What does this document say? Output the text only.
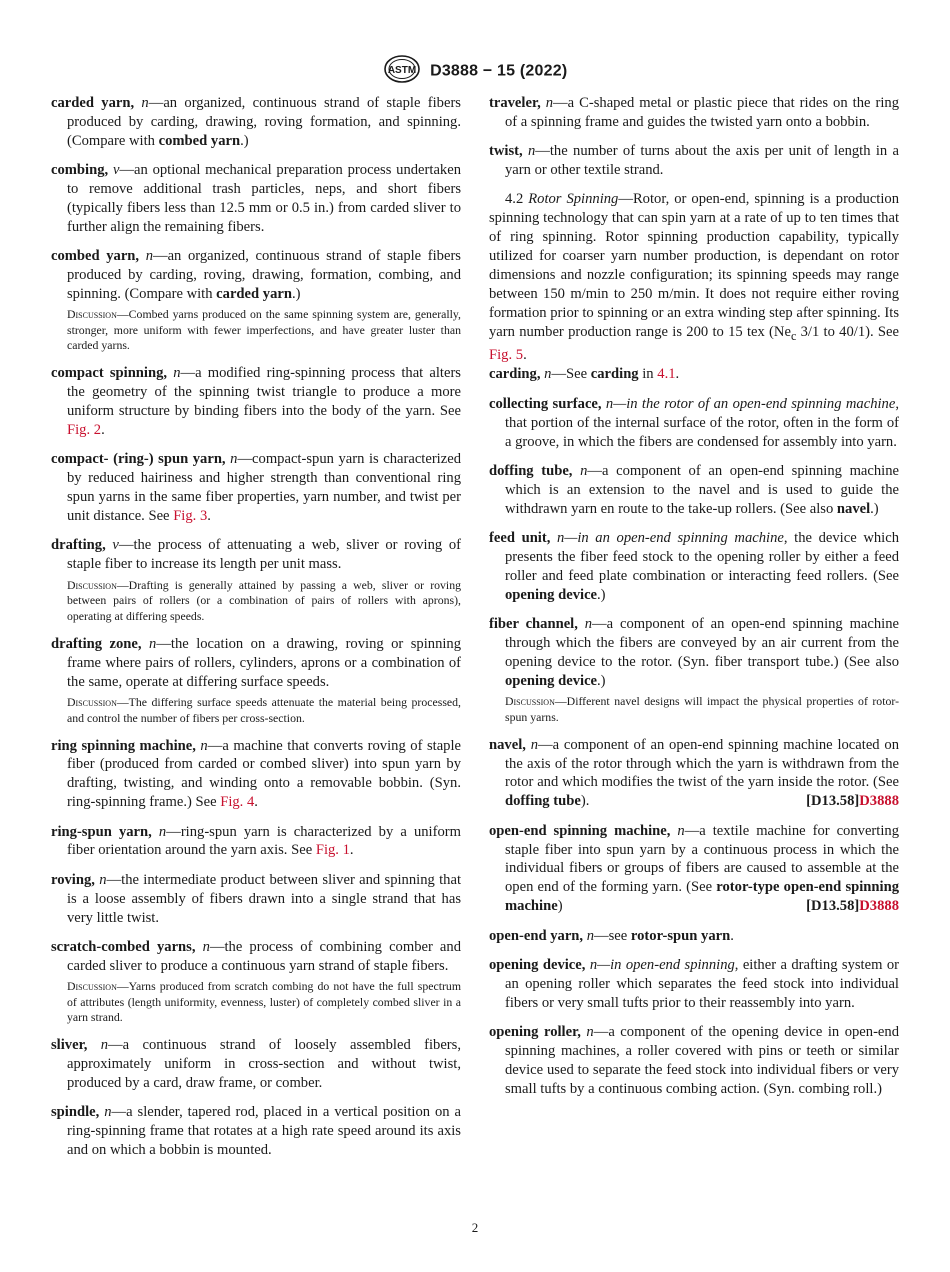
ASTM D3888 − 15 (2022)

carded yarn, n—an organized, continuous strand of staple fibers produced by carding, drawing, roving formation, and spinning. (Compare with combed yarn.)

combing, v—an optional mechanical preparation process undertaken to remove additional trash particles, neps, and short fibers (typically fibers less than 12.5 mm or 0.5 in.) from carded sliver to further align the remaining fibers.

combed yarn, n—an organized, continuous strand of staple fibers produced by carding, roving, drawing, formation, combing, and spinning. (Compare with carded yarn.)

Discussion—Combed yarns produced on the same spinning system are, generally, stronger, more uniform with fewer imperfections, and have greater luster than carded yarns.

compact spinning, n—a modified ring-spinning process that alters the geometry of the spinning twist triangle to produce a more uniform structure by binding fibers into the body of the yarn. See Fig. 2.

compact- (ring-) spun yarn, n—compact-spun yarn is characterized by reduced hairiness and higher strength than conventional ring spun yarns in the same fiber properties, yarn number, and twist per unit distance. See Fig. 3.

drafting, v—the process of attenuating a web, sliver or roving of staple fiber to increase its length per unit mass.

Discussion—Drafting is generally attained by passing a web, sliver or roving between pairs of rollers (or a combination of pairs of rollers with aprons), operating at differing speeds.

drafting zone, n—the location on a drawing, roving or spinning frame where pairs of rollers, cylinders, aprons or a combination of the same, operate at differing surface speeds.

Discussion—The differing surface speeds attenuate the material being processed, and control the number of fibers per cross-section.

ring spinning machine, n—a machine that converts roving of staple fiber (produced from carded or combed sliver) into spun yarn by drafting, twisting, and winding onto a removable bobbin. (Syn. ring-spinning frame.) See Fig. 4.

ring-spun yarn, n—ring-spun yarn is characterized by a uniform fiber orientation around the yarn axis. See Fig. 1.

roving, n—the intermediate product between sliver and spinning that is a loose assembly of fibers drawn into a single strand that has very little twist.

scratch-combed yarns, n—the process of combining comber and carded sliver to produce a continuous yarn strand of staple fibers.

Discussion—Yarns produced from scratch combing do not have the full spectrum of attributes (length uniformity, evenness, luster) of completely combed sliver in a yarn strand.

sliver, n—a continuous strand of loosely assembled fibers, approximately uniform in cross-section and without twist, produced by a card, draw frame, or comber.

spindle, n—a slender, tapered rod, placed in a vertical position on a ring-spinning frame that rotates at a high rate speed around its axis and on which a bobbin is mounted.

traveler, n—a C-shaped metal or plastic piece that rides on the ring of a spinning frame and guides the twisted yarn onto a bobbin.

twist, n—the number of turns about the axis per unit of length in a yarn or other textile strand.

4.2 Rotor Spinning—Rotor, or open-end, spinning is a production spinning technology that can spin yarn at a rate of up to ten times that of ring spinning. Rotor spinning production capability, typically utilized for coarser yarn number production, is dependant on rotor dimensions and nozzle configuration; its spinning speeds may range between 150 m/min to 250 m/min. It does not require either roving formation prior to spinning or an extra winding step after spinning. Its yarn number production range is 200 to 15 tex ($Ne_c$ 3/1 to 40/1). See Fig. 5.

carding, n—See carding in 4.1.

collecting surface, n—in the rotor of an open-end spinning machine, that portion of the internal surface of the rotor, often in the form of a groove, in which the fibers are condensed for assembly into yarn.

doffing tube, n—a component of an open-end spinning machine which is an extension to the navel and is used to guide the withdrawn yarn en route to the take-up rollers. (See also navel.)

feed unit, n—in an open-end spinning machine, the device which presents the fiber feed stock to the opening roller by either a feed roller and feed plate combination or interacting feed rollers. (See opening device.)

fiber channel, n—a component of an open-end spinning machine through which the fibers are conveyed by an air current from the opening device to the rotor. (Syn. fiber transport tube.) (See also opening device.)

Discussion—Different navel designs will impact the physical properties of rotor-spun yarns.

navel, n—a component of an open-end spinning machine located on the axis of the rotor through which the yarn is withdrawn from the rotor and which modifies the twist of the yarn inside the rotor. (See doffing tube).	[D13.58]D3888

open-end spinning machine, n—a textile machine for converting staple fiber into spun yarn by a continuous process in which the individual fibers or groups of fibers are caused to assemble at the open end of the forming yarn. (See rotor-type open-end spinning machine)	[D13.58]D3888

open-end yarn, n—see rotor-spun yarn.

opening device, n—in open-end spinning, either a drafting system or an opening roller which separates the feed stock into individual fibers or very small tufts prior to their reassembly into yarn.

opening roller, n—a component of the opening device in open-end spinning machines, a roller covered with pins or teeth or similar device used to separate the feed stock into individual fibers or very small tufts by a continuous combing action. (Syn. combing roll.)

2
